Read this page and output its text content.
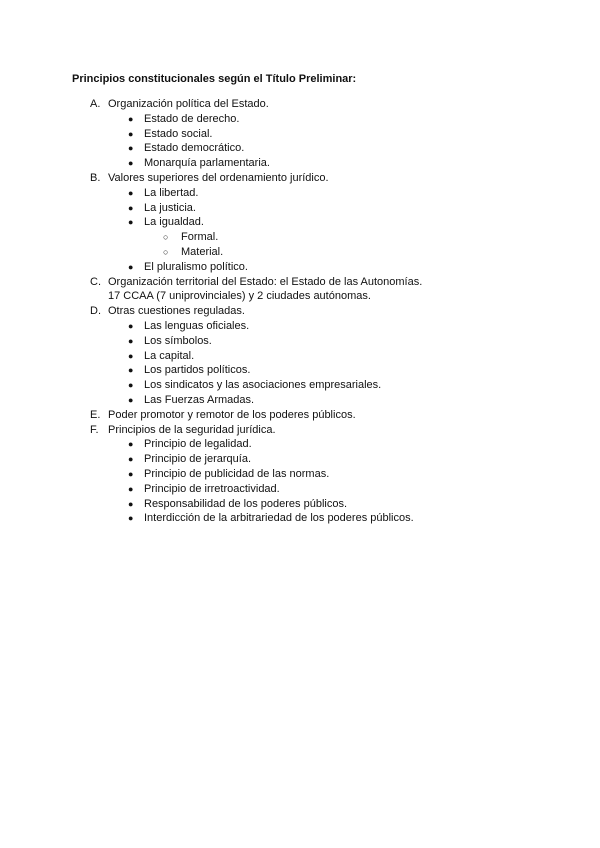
Principios constitucionales según el Título Preliminar:
A. Organización política del Estado.
● Estado de derecho.
● Estado social.
● Estado democrático.
● Monarquía parlamentaria.
B. Valores superiores del ordenamiento jurídico.
● La libertad.
● La justicia.
● La igualdad.
○ Formal.
○ Material.
● El pluralismo político.
C. Organización territorial del Estado: el Estado de las Autonomías.
17 CCAA (7 uniprovinciales) y 2 ciudades autónomas.
D. Otras cuestiones reguladas.
● Las lenguas oficiales.
● Los símbolos.
● La capital.
● Los partidos políticos.
● Los sindicatos y las asociaciones empresariales.
● Las Fuerzas Armadas.
E. Poder promotor y remotor de los poderes públicos.
F. Principios de la seguridad jurídica.
● Principio de legalidad.
● Principio de jerarquía.
● Principio de publicidad de las normas.
● Principio de irretroactividad.
● Responsabilidad de los poderes públicos.
● Interdicción de la arbitrariedad de los poderes públicos.
